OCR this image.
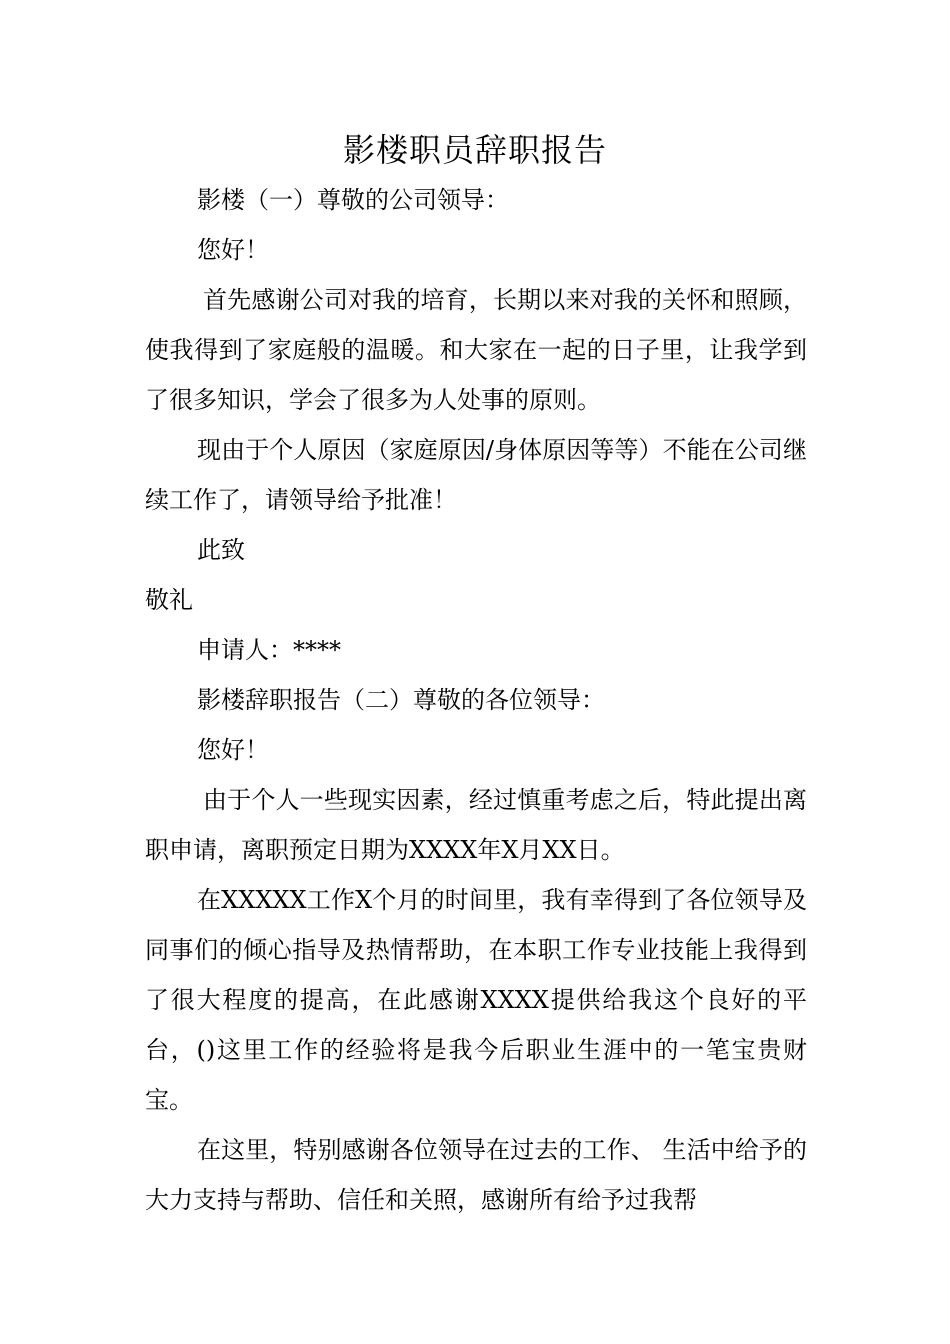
影楼职员辞职报告

影楼（一）尊敬的公司领导：

您好！

首先感谢公司对我的培育，长期以来对我的关怀和照顾，使我得到了家庭般的温暖。和大家在一起的日子里，让我学到了很多知识，学会了很多为人处事的原则。

现由于个人原因（家庭原因/身体原因等等）不能在公司继续工作了，请领导给予批准！

此致

敬礼

申请人：****

影楼辞职报告（二）尊敬的各位领导：

您好！

由于个人一些现实因素，经过慎重考虑之后，特此提出离职申请，离职预定日期为XXXX年X月XX日。

在XXXXX工作X个月的时间里，我有幸得到了各位领导及同事们的倾心指导及热情帮助，在本职工作专业技能上我得到了很大程度的提高，在此感谢XXXX提供给我这个良好的平台，()这里工作的经验将是我今后职业生涯中的一笔宝贵财宝。

在这里，特别感谢各位领导在过去的工作、 生活中给予的大力支持与帮助、信任和关照，感谢所有给予过我帮
